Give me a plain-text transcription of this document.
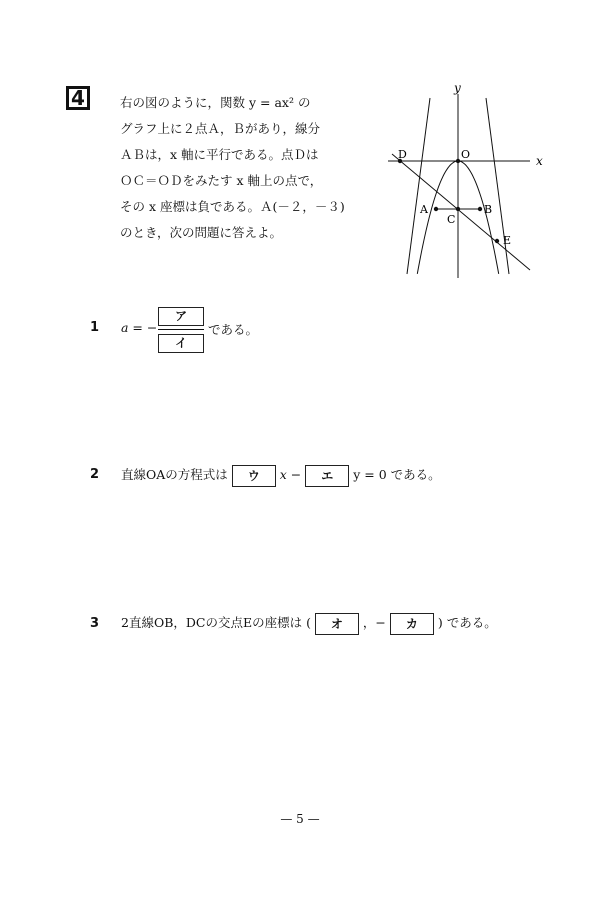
4	右の図のように，関数 y = ax² の
グラフ上に２点Ａ，Ｂがあり，線分
ＡＢは，x 軸に平行である。点Ｄは
ＯＣ＝ＯＤをみたす x 軸上の点で，
その x 座標は負である。Ａ(－２，－３)
のとき，次の問題に答えよ。
y
x
O
D
A	B
C
E
1 a = −
ア
イ
である。
2 直線OAの方程式は ウ x − エ y = 0 である。
3 2直線OB，DCの交点Eの座標は ( オ ，− カ ) である。
— 5 —
